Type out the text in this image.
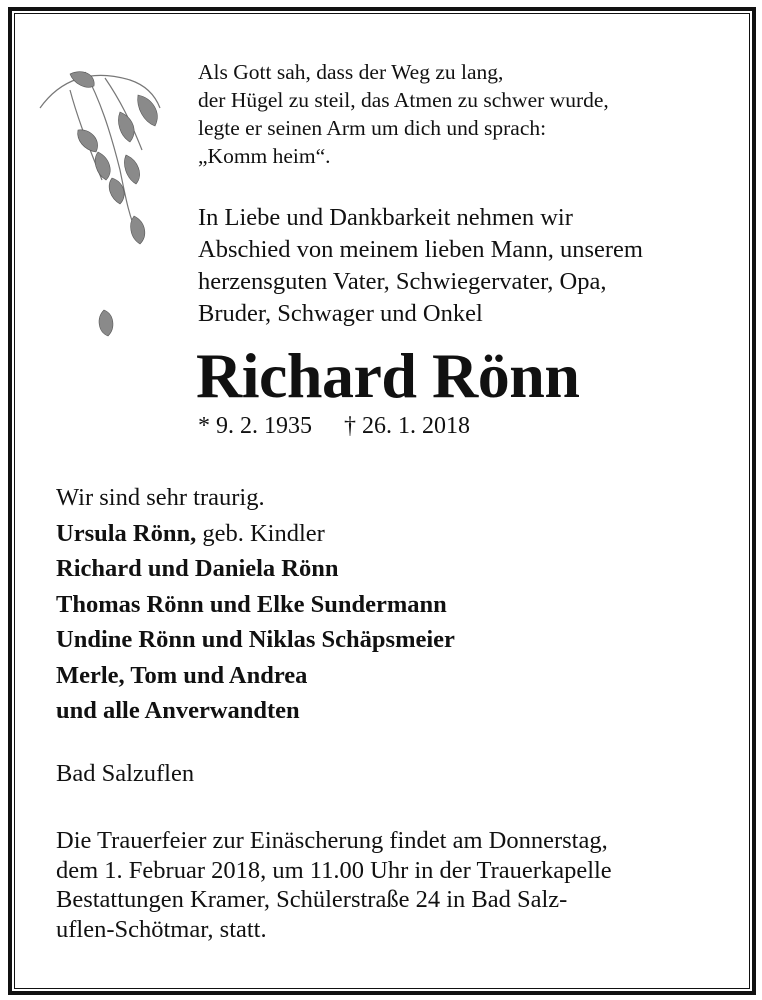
Als Gott sah, dass der Weg zu lang,
der Hügel zu steil, das Atmen zu schwer wurde,
legte er seinen Arm um dich und sprach:
„Komm heim“.
In Liebe und Dankbarkeit nehmen wir
Abschied von meinem lieben Mann, unserem
herzensguten Vater, Schwiegervater, Opa,
Bruder, Schwager und Onkel
Richard Rönn
* 9. 2. 1935 † 26. 1. 2018
Wir sind sehr traurig.
Ursula Rönn, geb. Kindler
Richard und Daniela Rönn
Thomas Rönn und Elke Sundermann
Undine Rönn und Niklas Schäpsmeier
Merle, Tom und Andrea
und alle Anverwandten
Bad Salzuflen
Die Trauerfeier zur Einäscherung findet am Donnerstag,
dem 1. Februar 2018, um 11.00 Uhr in der Trauerkapelle
Bestattungen Kramer, Schülerstraße 24 in Bad Salz-
uflen-Schötmar, statt.
